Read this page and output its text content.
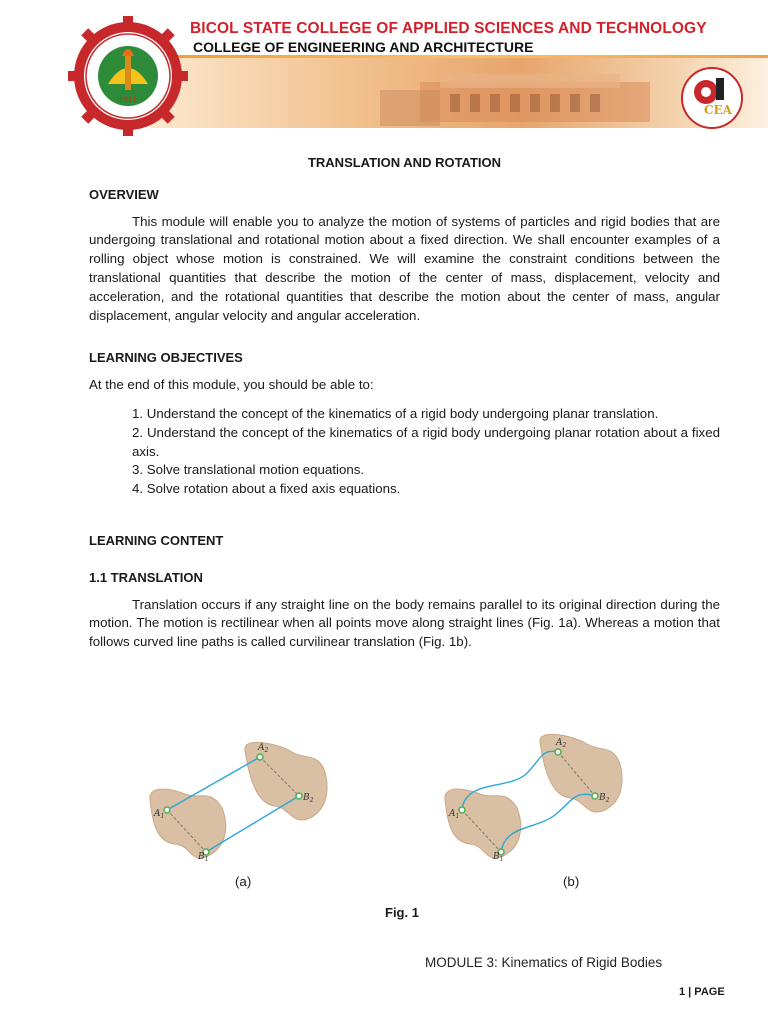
1911
CEA
BICOL STATE COLLEGE OF APPLIED SCIENCES AND TECHNOLOGY
COLLEGE OF ENGINEERING AND ARCHITECTURE
TRANSLATION AND ROTATION
OVERVIEW

This module will enable you to analyze the motion of systems of particles and rigid bodies that are undergoing translational and rotational motion about a fixed direction. We shall encounter examples of a rolling object whose motion is constrained. We will examine the constraint conditions between the translational quantities that describe the motion of the center of mass, displacement, velocity and acceleration, and the rotational quantities that describe the motion about the center of mass, angular displacement, angular velocity and angular acceleration.

LEARNING OBJECTIVES

At the end of this module, you should be able to:

1. Understand the concept of the kinematics of a rigid body undergoing planar translation.
2. Understand the concept of the kinematics of a rigid body undergoing planar rotation about a fixed axis.
3. Solve translational motion equations.
4. Solve rotation about a fixed axis equations.
LEARNING CONTENT
1.1 TRANSLATION

Translation occurs if any straight line on the body remains parallel to its original direction during the motion. The motion is rectilinear when all points move along straight lines (Fig. 1a). Whereas a motion that follows curved line paths is called curvilinear translation (Fig. 1b).

$A_1$
$B_1$
$A_2$
$B_2$
$A_1$
$B_1$
$A_2$
$B_2$
(a)	(b)
Fig. 1
MODULE 3: Kinematics of Rigid Bodies
1 | PAGE
